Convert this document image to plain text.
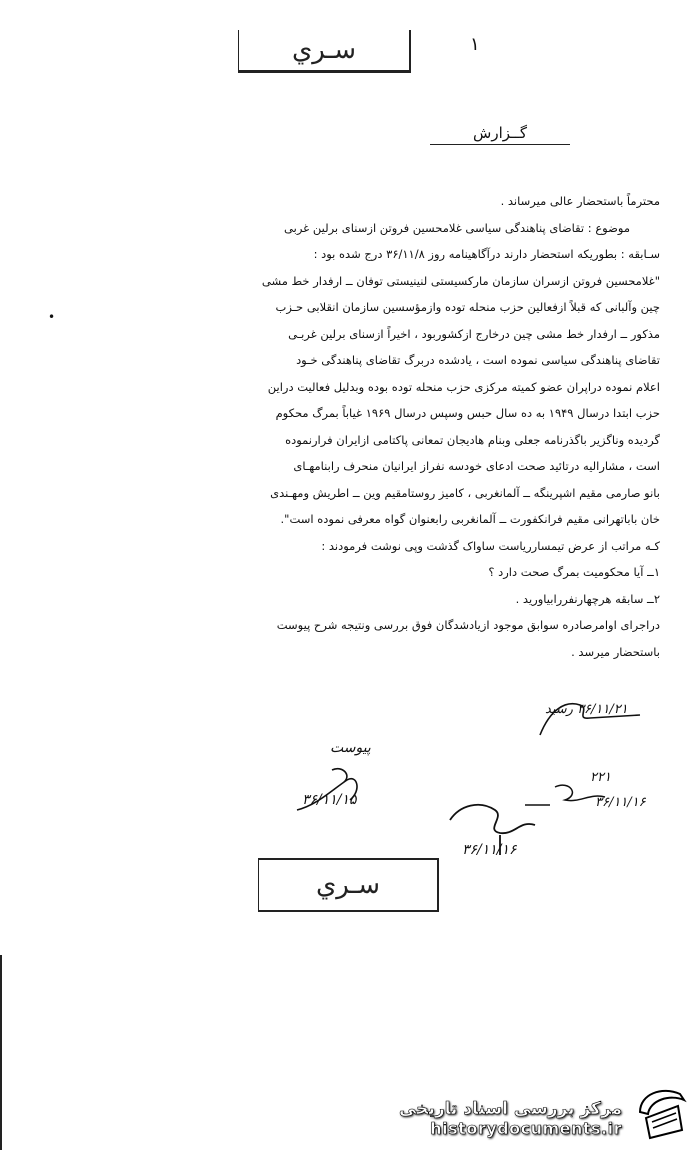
سـري	۱
گــزارش

محترماً باستحضار عالی میرساند .

موضوع : تقاضای پناهندگی سیاسی غلامحسین فروتن ازسنای برلین غربی

سـابقه : بطوریکه استحضار دارند درآگاهینامه روز ۳۶/۱۱/۸ درج شده بود :

"غلامحسین فروتن ازسران سازمان مارکسیستی لنینیستی توفان ــ ارفدار خط مشی

چین وآلبانی که قبلاً ازفعالین حزب منحله توده وازمؤسسین سازمان انقلابی حـزب

مذکور ــ ارفدار خط مشی چین درخارج ازکشوربود ، اخیراً ازسنای برلین غربـی

تقاضای پناهندگی سیاسی نموده است ، یادشده دربرگ تقاضای پناهندگی خـود

اعلام نموده دراپران عضو کمیته مرکزی حزب منحله توده بوده وبدلیل فعالیت دراین

حزب ابتدا درسال ۱۹۴۹ به ده سال حبس وسپس درسال ۱۹۶۹ غیاباً بمرگ محکوم

گردیده وناگزیر باگذرنامه جعلی وبنام هادیجان تمعانی پاکتامی ازایران فرارنموده

است ، مشارالیه درتائید صحت ادعای خودسه نفراز ایرانیان منحرف رابنامهـای

بانو صارمی مقیم اشپرینگه ــ آلمانغربی ، کامیز روستامقیم وین ــ اطریش ومهـندی

خان باباتهرانی مقیم فرانکفورت ــ آلمانغربی رابعنوان گواه معرفی نموده است".

کـه مراتب از عرض تیمسارریاست ساواک گذشت وپی نوشت فرمودند :

۱ــ آیا محکومیت بمرگ صحت دارد ؟

۲ــ سابقه هرچهارنفررابیاورید .

دراجرای اوامرصادره سوابق موجود ازیادشدگان فوق بررسی ونتیجه شرح پیوست

باستحضار میرسد .

•
۳۶/۱۱/۲۱ رسید
پیوست
۳۶/۱۱/۱۵
۲۲۱
۳۶/۱۱/۱۶
۳۶/۱۱/۱۶
سـري
مرکز بررسی اسناد تاریخی
historydocuments.ir
